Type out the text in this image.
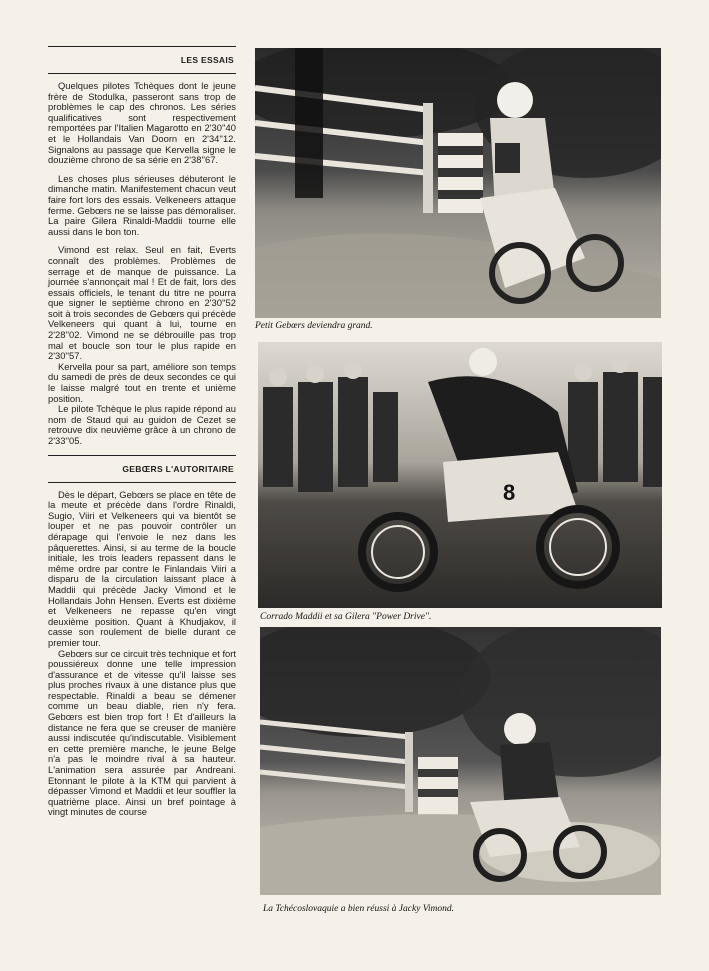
LES ESSAIS

Quelques pilotes Tchèques dont le jeune frère de Stodulka, passeront sans trop de problèmes le cap des chronos. Les séries qualificatives sont respectivement remportées par l'Italien Magarotto en 2'30''40 et le Hollandais Van Doorn en 2'34''12. Signalons au passage que Kervella signe le douzième chrono de sa série en 2'38''67.

Les choses plus sérieuses débuteront le dimanche matin. Manifestement chacun veut faire fort lors des essais. Velkeneers attaque ferme. Gebœrs ne se laisse pas démoraliser. La paire Gilera Rinaldi-Maddii tourne elle aussi dans le bon ton.

Vimond est relax. Seul en fait, Everts connaît des problèmes. Problèmes de serrage et de manque de puissance. La journée s'annonçait mal ! Et de fait, lors des essais officiels, le tenant du titre ne pourra que signer le septième chrono en 2'30''52 soit à trois secondes de Gebœrs qui précède Velkeneers qui quant à lui, tourne en 2'28''02. Vimond ne se débrouille pas trop mal et boucle son tour le plus rapide en 2'30''57.

Kervella pour sa part, améliore son temps du samedi de près de deux secondes ce qui le laisse malgré tout en trente et unième position.

Le pilote Tchèque le plus rapide répond au nom de Staud qui au guidon de Cezet se retrouve dix neuvième grâce à un chrono de 2'33''05.

GEBŒRS L'AUTORITAIRE

Dès le départ, Gebœrs se place en tête de la meute et précède dans l'ordre Rinaldi, Sugio, Viiri et Velkeneers qui va bientôt se louper et ne pas pouvoir contrôler un dérapage qui l'envoie le nez dans les pâquerettes. Ainsi, si au terme de la boucle initiale, les trois leaders repassent dans le même ordre par contre le Finlandais Viiri a disparu de la circulation laissant place à Maddii qui précède Jacky Vimond et le Hollandais John Hensen. Everts est dixième et Velkeneers ne repasse qu'en vingt deuxième position. Quant à Khudjakov, il casse son roulement de bielle durant ce premier tour.

Gebœrs sur ce circuit très technique et fort poussiéreux donne une telle impression d'assurance et de vitesse qu'il laisse ses plus proches rivaux à une distance plus que respectable. Rinaldi a beau se démener comme un beau diable, rien n'y fera. Gebœrs est bien trop fort ! Et d'ailleurs la distance ne fera que se creuser de manière aussi indiscutée qu'indiscutable. Visiblement en cette première manche, le jeune Belge n'a pas le moindre rival à sa hauteur. L'animation sera assurée par Andreani. Etonnant le pilote à la KTM qui parvient à dépasser Vimond et Maddii et leur souffler la quatrième place. Ainsi un bref pointage à vingt minutes de course

Petit Gebœrs deviendra grand.
8
Corrado Maddii et sa Gilera "Power Drive".
La Tchécoslovaquie a bien réussi à Jacky Vimond.
